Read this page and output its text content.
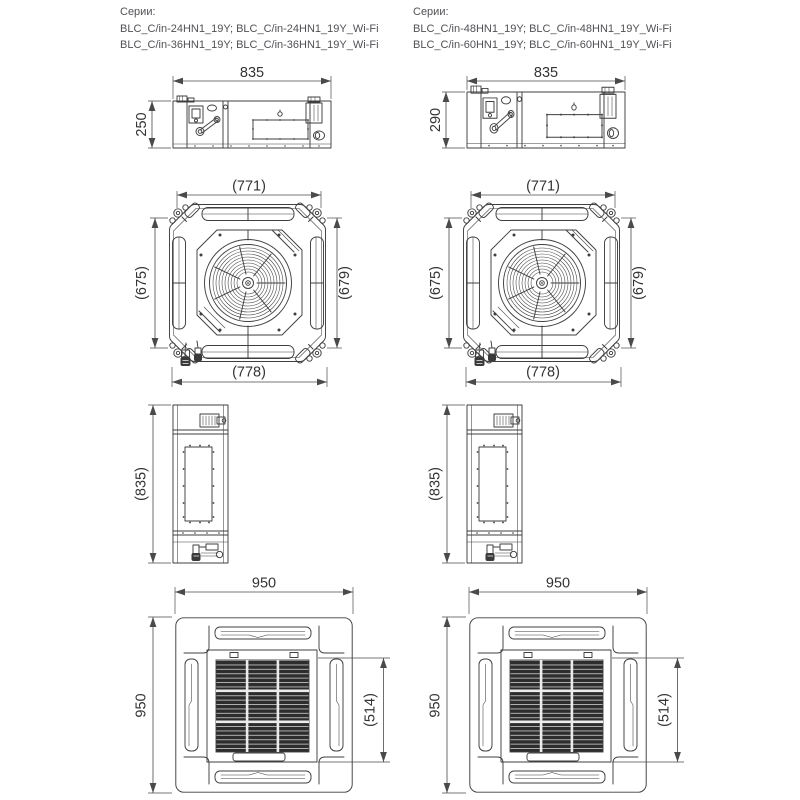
Серии:
BLC_C/in-24HN1_19Y; BLC_C/in-24HN1_19Y_Wi-Fi
BLC_C/in-36HN1_19Y; BLC_C/in-36HN1_19Y_Wi-Fi
Серии:
BLC_C/in-48HN1_19Y; BLC_C/in-48HN1_19Y_Wi-Fi
BLC_C/in-60HN1_19Y; BLC_C/in-60HN1_19Y_Wi-Fi
835
250
(771)
(675)	(679)
(778)
(835)
950
950	(514)
835
290
(771)
(675)	(679)
(778)
(835)
950
950	(514)
